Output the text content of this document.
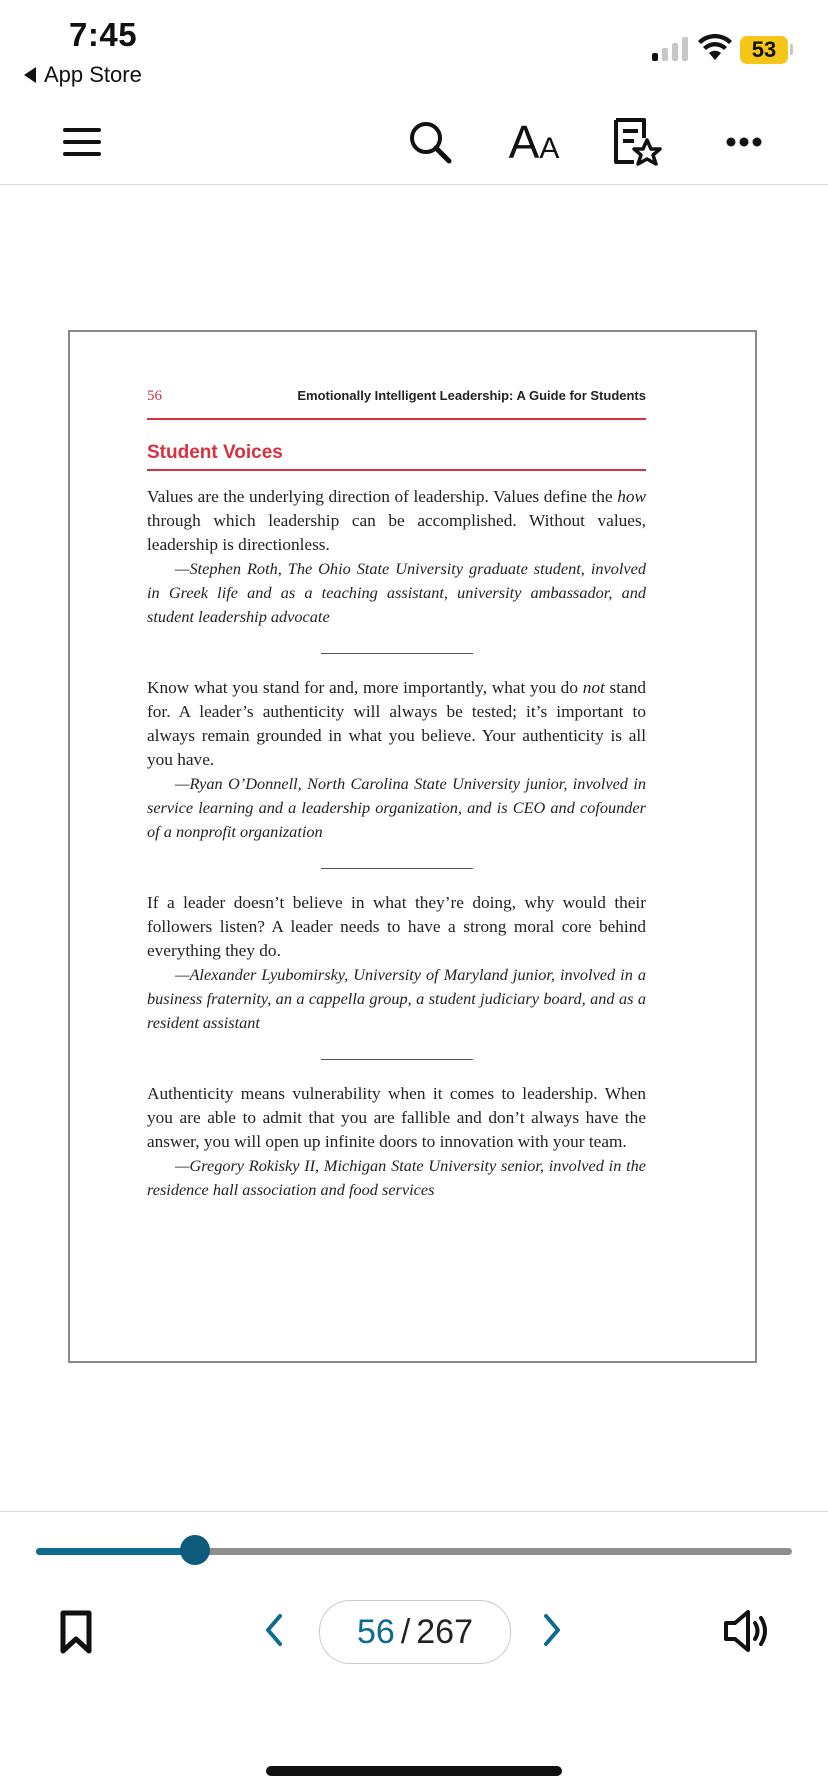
7:45
App Store
53
AA
56	Emotionally Intelligent Leadership: A Guide for Students
Student Voices
Values are the underlying direction of leadership. Values define the how through which leadership can be accomplished. Without values, leadership is directionless.
—Stephen Roth, The Ohio State University graduate student, involved in Greek life and as a teaching assistant, university ambassador, and student leadership advocate
Know what you stand for and, more importantly, what you do not stand for. A leader’s authenticity will always be tested; it’s important to always remain grounded in what you believe. Your authenticity is all you have.
—Ryan O’Donnell, North Carolina State University junior, involved in service learning and a leadership organization, and is CEO and cofounder of a nonprofit organization
If a leader doesn’t believe in what they’re doing, why would their followers listen? A leader needs to have a strong moral core behind everything they do.
—Alexander Lyubomirsky, University of Maryland junior, involved in a business fraternity, an a cappella group, a student judiciary board, and as a resident assistant
Authenticity means vulnerability when it comes to leadership. When you are able to admit that you are fallible and don’t always have the answer, you will open up infinite doors to innovation with your team.
—Gregory Rokisky II, Michigan State University senior, involved in the residence hall association and food services
56 / 267
